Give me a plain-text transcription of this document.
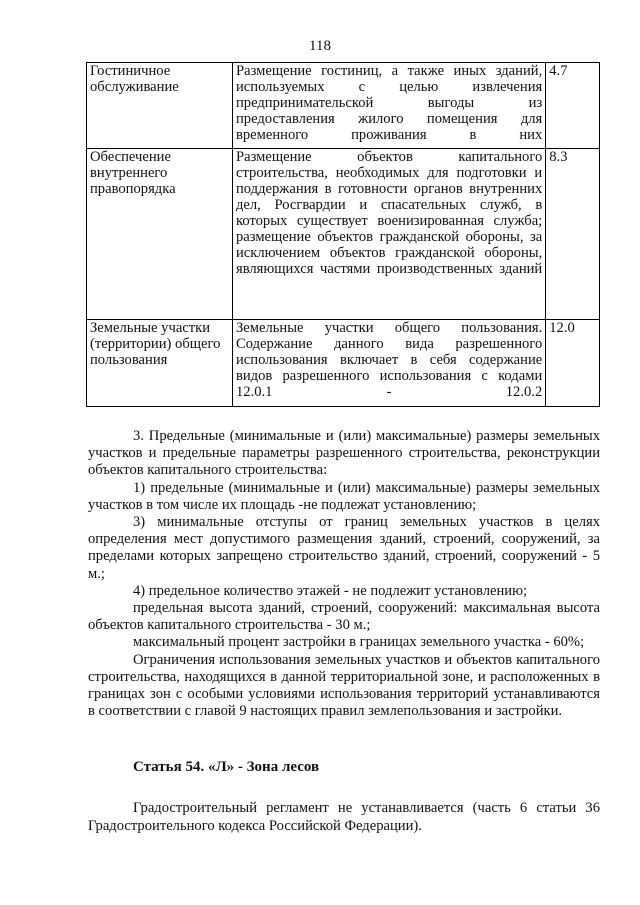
118
Гостиничное обслуживание	Размещение гостиниц, а также иных зданий, используемых с целью извлечения предпринимательской выгоды из предоставления жилого помещения для временного проживания в них	4.7
Обеспечение внутреннего правопорядка	Размещение объектов капитального строительства, необходимых для подготовки и поддержания в готовности органов внутренних дел, Росгвардии и спасательных служб, в которых существует военизированная служба; размещение объектов гражданской обороны, за исключением объектов гражданской обороны, являющихся частями производственных зданий	8.3
Земельные участки (территории) общего пользования	Земельные участки общего пользования. Содержание данного вида разрешенного использования включает в себя содержание видов разрешенного использования с кодами 12.0.1 - 12.0.2	12.0

3. Предельные (минимальные и (или) максимальные) размеры земельных участков и предельные параметры разрешенного строительства, реконструкции объектов капитального строительства:

1) предельные (минимальные и (или) максимальные) размеры земельных участков в том числе их площадь -не подлежат установлению;

3) минимальные отступы от границ земельных участков в целях определения мест допустимого размещения зданий, строений, сооружений, за пределами которых запрещено строительство зданий, строений, сооружений - 5 м.;

4) предельное количество этажей - не подлежит установлению;

предельная высота зданий, строений, сооружений: максимальная высота объектов капитального строительства - 30 м.;

максимальный процент застройки в границах земельного участка - 60%;

Ограничения использования земельных участков и объектов капитального строительства, находящихся в данной территориальной зоне, и расположенных в границах зон с особыми условиями использования территорий устанавливаются в соответствии с главой 9 настоящих правил землепользования и застройки.

Статья 54. «Л» - Зона лесов

Градостроительный регламент не устанавливается (часть 6 статьи 36 Градостроительного кодекса Российской Федерации).
